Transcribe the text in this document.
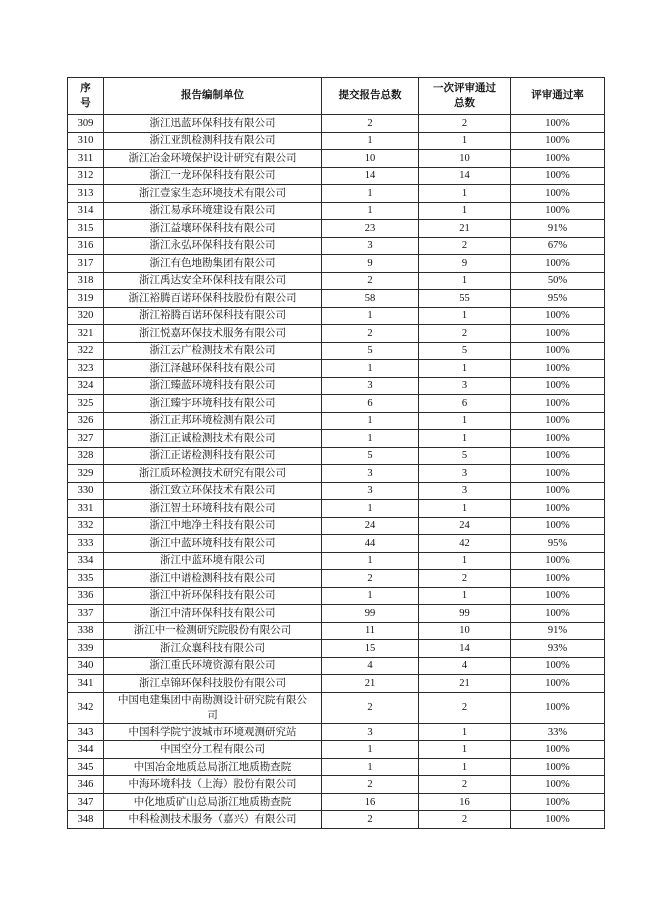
序号	报告编制单位	提交报告总数	一次评审通过总数	评审通过率
309	浙江迅蓝环保科技有限公司	2	2	100%
310	浙江亚凯检测科技有限公司	1	1	100%
311	浙江冶金环境保护设计研究有限公司	10	10	100%
312	浙江一龙环保科技有限公司	14	14	100%
313	浙江壹家生态环境技术有限公司	1	1	100%
314	浙江易承环境建设有限公司	1	1	100%
315	浙江益壤环保科技有限公司	23	21	91%
316	浙江永弘环保科技有限公司	3	2	67%
317	浙江有色地勘集团有限公司	9	9	100%
318	浙江禹达安全环保科技有限公司	2	1	50%
319	浙江裕腾百诺环保科技股份有限公司	58	55	95%
320	浙江裕腾百诺环保科技有限公司	1	1	100%
321	浙江悦嘉环保技术服务有限公司	2	2	100%
322	浙江云广检测技术有限公司	5	5	100%
323	浙江泽越环保科技有限公司	1	1	100%
324	浙江臻蓝环境科技有限公司	3	3	100%
325	浙江臻宇环境科技有限公司	6	6	100%
326	浙江正邦环境检测有限公司	1	1	100%
327	浙江正诚检测技术有限公司	1	1	100%
328	浙江正诺检测科技有限公司	5	5	100%
329	浙江质环检测技术研究有限公司	3	3	100%
330	浙江致立环保技术有限公司	3	3	100%
331	浙江智土环境科技有限公司	1	1	100%
332	浙江中地净土科技有限公司	24	24	100%
333	浙江中蓝环境科技有限公司	44	42	95%
334	浙江中蓝环境有限公司	1	1	100%
335	浙江中谱检测科技有限公司	2	2	100%
336	浙江中祈环保科技有限公司	1	1	100%
337	浙江中清环保科技有限公司	99	99	100%
338	浙江中一检测研究院股份有限公司	11	10	91%
339	浙江众襄科技有限公司	15	14	93%
340	浙江重氏环境资源有限公司	4	4	100%
341	浙江卓锦环保科技股份有限公司	21	21	100%
342	中国电建集团中南勘测设计研究院有限公司	2	2	100%
343	中国科学院宁波城市环境观测研究站	3	1	33%
344	中国空分工程有限公司	1	1	100%
345	中国冶金地质总局浙江地质勘查院	1	1	100%
346	中海环境科技（上海）股份有限公司	2	2	100%
347	中化地质矿山总局浙江地质勘查院	16	16	100%
348	中科检测技术服务（嘉兴）有限公司	2	2	100%
